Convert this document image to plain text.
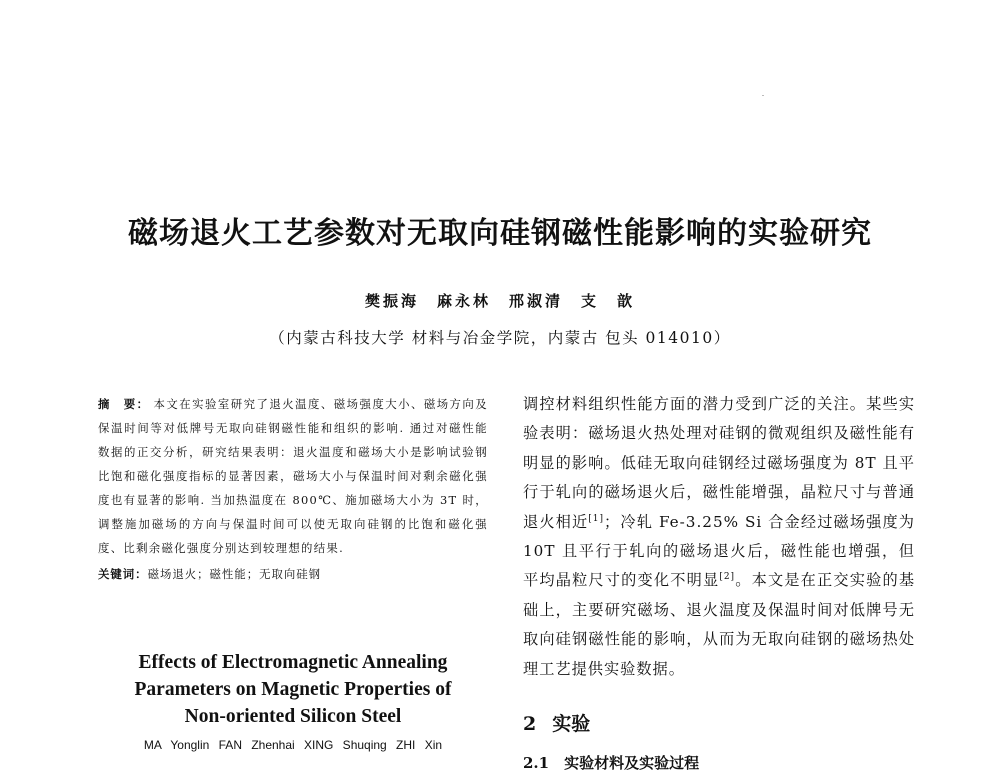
磁场退火工艺参数对无取向硅钢磁性能影响的实验研究
樊振海　麻永林　邢淑清　支　歆
（内蒙古科技大学 材料与冶金学院，内蒙古 包头 014010）

摘　要： 本文在实验室研究了退火温度、磁场强度大小、磁场方向及保温时间等对低牌号无取向硅钢磁性能和组织的影响. 通过对磁性能数据的正交分析，研究结果表明：退火温度和磁场大小是影响试验钢比饱和磁化强度指标的显著因素，磁场大小与保温时间对剩余磁化强度也有显著的影响. 当加热温度在 800℃、施加磁场大小为 3T 时，调整施加磁场的方向与保温时间可以使无取向硅钢的比饱和磁化强度、比剩余磁化强度分别达到较理想的结果.

关键词：磁场退火；磁性能；无取向硅钢
Effects of Electromagnetic Annealing
Parameters on Magnetic Properties of
Non-oriented Silicon Steel
MA Yonglin FAN Zhenhai XING Shuqing ZHI Xin

调控材料组织性能方面的潜力受到广泛的关注。某些实验表明：磁场退火热处理对硅钢的微观组织及磁性能有明显的影响。低硅无取向硅钢经过磁场强度为 8T 且平行于轧向的磁场退火后，磁性能增强，晶粒尺寸与普通退火相近[1]；冷轧 Fe-3.25% Si 合金经过磁场强度为 10T 且平行于轧向的磁场退火后，磁性能也增强，但平均晶粒尺寸的变化不明显[2]。本文是在正交实验的基础上，主要研究磁场、退火温度及保温时间对低牌号无取向硅钢磁性能的影响，从而为无取向硅钢的磁场热处理工艺提供实验数据。

2 实验
2.1　 实验材料及实验过程
